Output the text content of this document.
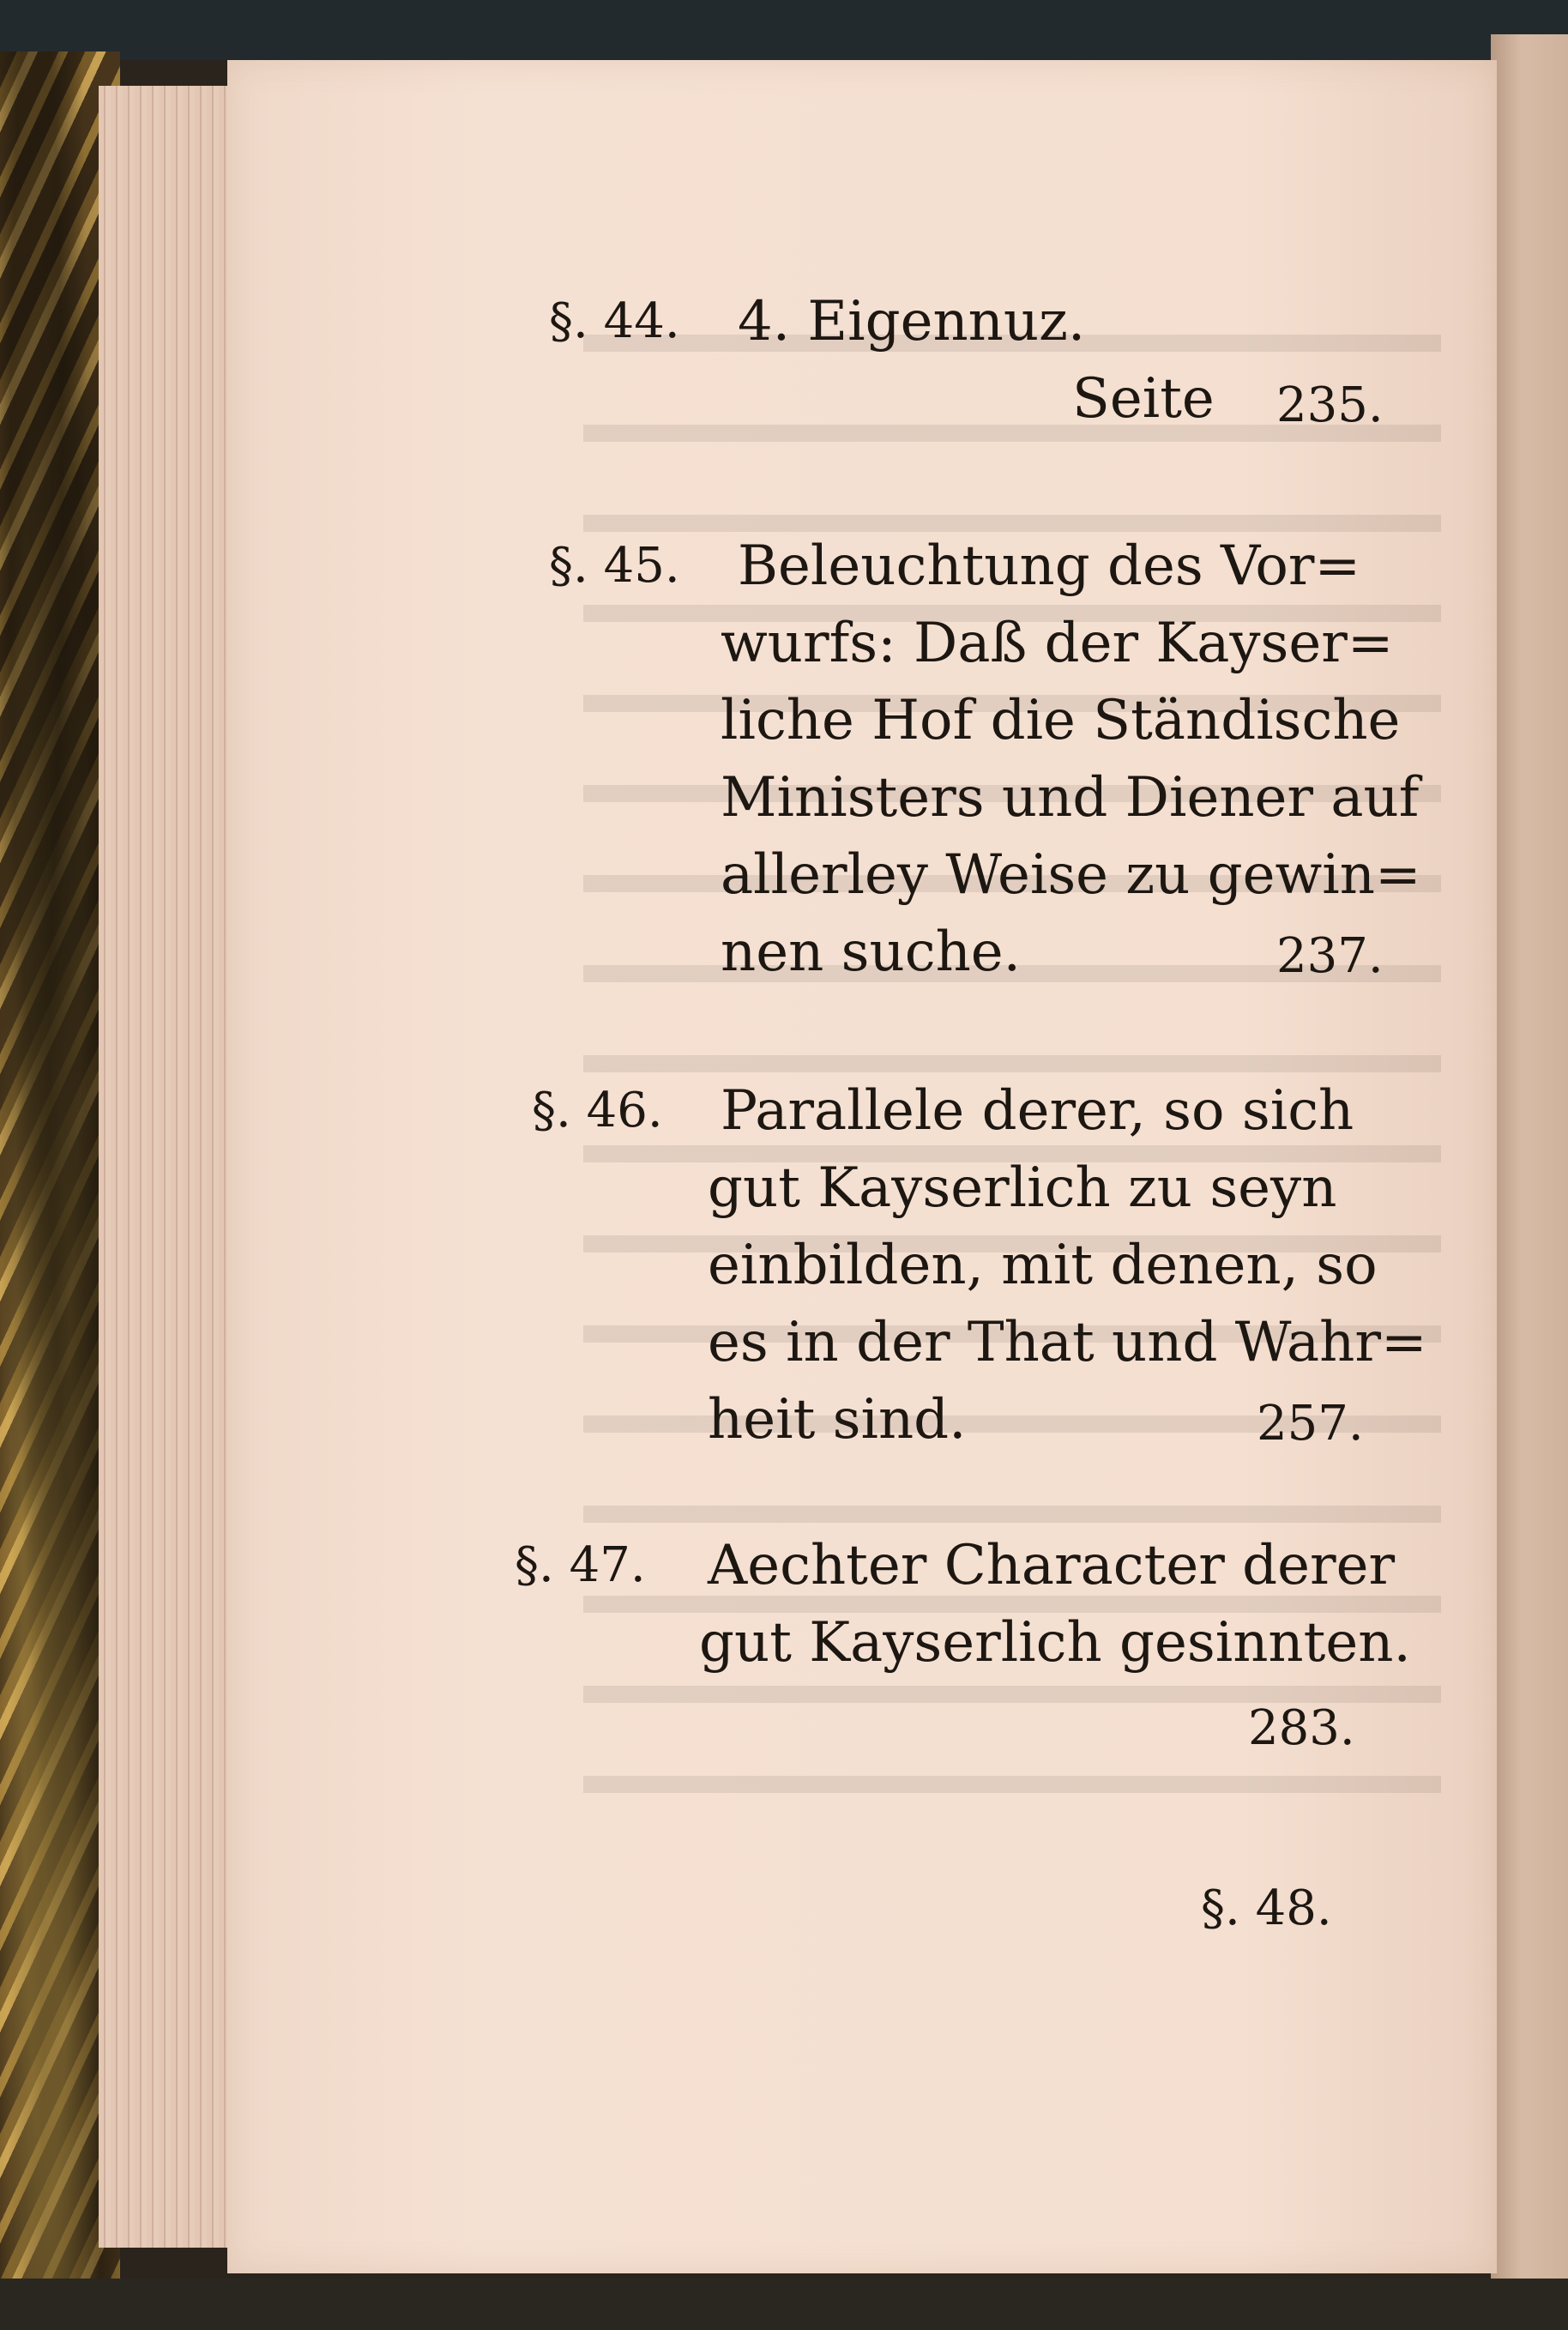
§. 44. 4. Eigennuz.
Seite 235.
§. 45. Beleuchtung des Vor=
wurfs: Daß der Kayser=
liche Hof die Ständische
Ministers und Diener auf
allerley Weise zu gewin=
nen suche.	237.
§. 46. Parallele derer, so sich
gut Kayserlich zu seyn
einbilden, mit denen, so
es in der That und Wahr=
heit sind.	257.
§. 47. Aechter Character derer
gut Kayserlich gesinnten.
283.
§. 48.
